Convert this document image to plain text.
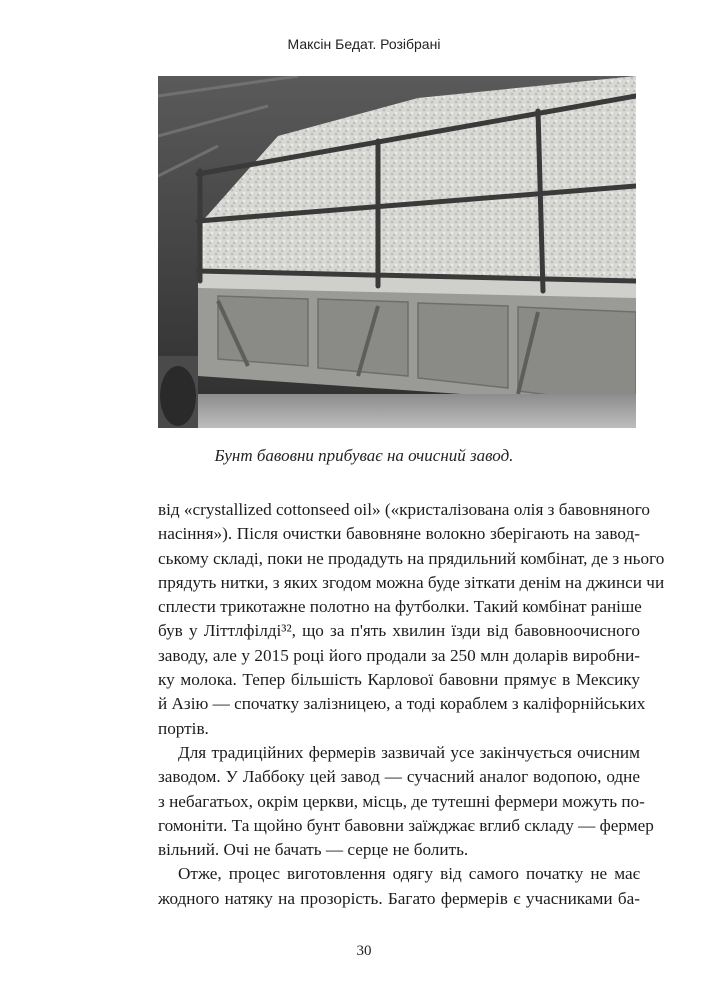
Максін Бедат. Розібрані
Бунт бавовни прибуває на очисний завод.
від «crystallized cottonseed oil» («кристалізована олія з бавовняного
насіння»). Після очистки бавовняне волокно зберігають на завод-
ському складі, поки не продадуть на прядильний комбінат, де з нього
прядуть нитки, з яких згодом можна буде зіткати денім на джинси чи
сплести трикотажне полотно на футболки. Такий комбінат раніше
був у Літтлфілді³², що за п'ять хвилин їзди від бавовноочисного
заводу, але у 2015 році його продали за 250 млн доларів виробни-
ку молока. Тепер більшість Карлової бавовни прямує в Мексику
й Азію — спочатку залізницею, а тоді кораблем з каліфорнійських
портів.
Для традиційних фермерів зазвичай усе закінчується очисним
заводом. У Лаббоку цей завод — сучасний аналог водопою, одне
з небагатьох, окрім церкви, місць, де тутешні фермери можуть по-
гомоніти. Та щойно бунт бавовни заїжджає вглиб складу — фермер
вільний. Очі не бачать — серце не болить.
Отже, процес виготовлення одягу від самого початку не має
жодного натяку на прозорість. Багато фермерів є учасниками ба-
30
